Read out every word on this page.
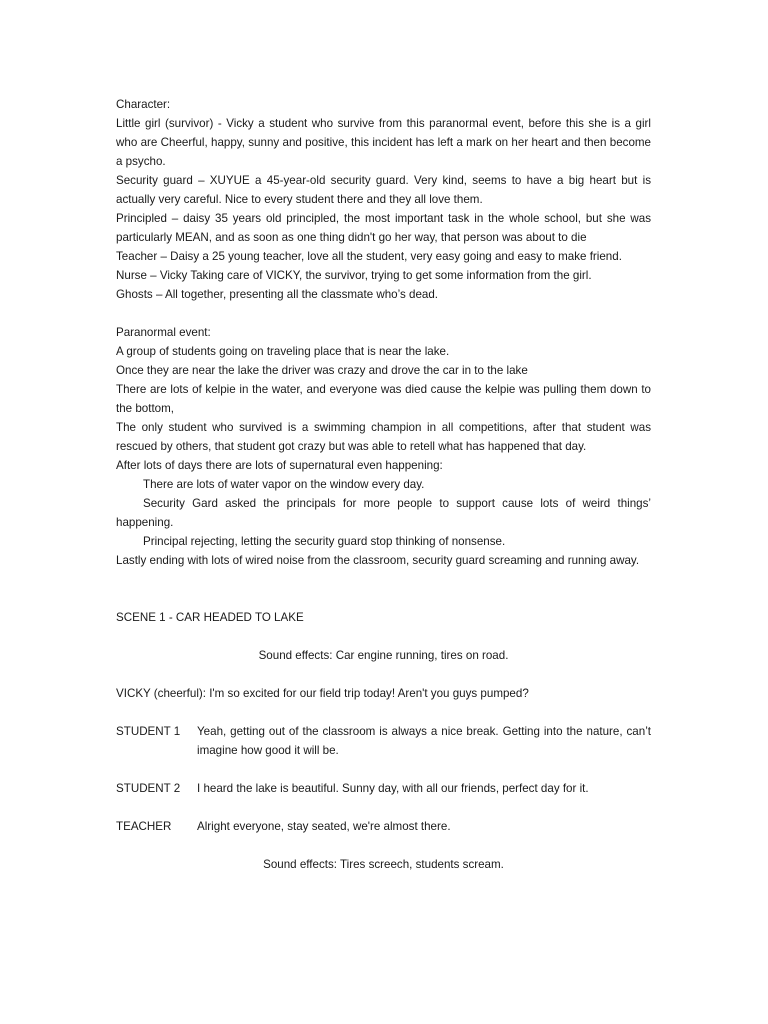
Character:

Little girl (survivor) - Vicky a student who survive from this paranormal event, before this she is a girl who are Cheerful, happy, sunny and positive, this incident has left a mark on her heart and then become a psycho.

Security guard – XUYUE a 45-year-old security guard. Very kind, seems to have a big heart but is actually very careful. Nice to every student there and they all love them.

Principled – daisy 35 years old principled, the most important task in the whole school, but she was particularly MEAN, and as soon as one thing didn't go her way, that person was about to die

Teacher – Daisy a 25 young teacher, love all the student, very easy going and easy to make friend.

Nurse – Vicky Taking care of VICKY, the survivor, trying to get some information from the girl.

Ghosts – All together, presenting all the classmate who’s dead.

Paranormal event:

A group of students going on traveling place that is near the lake.

Once they are near the lake the driver was crazy and drove the car in to the lake

There are lots of kelpie in the water, and everyone was died cause the kelpie was pulling them down to the bottom,

The only student who survived is a swimming champion in all competitions, after that student was rescued by others, that student got crazy but was able to retell what has happened that day.

After lots of days there are lots of supernatural even happening:

There are lots of water vapor on the window every day.

Security Gard asked the principals for more people to support cause lots of weird things’ happening.

Principal rejecting, letting the security guard stop thinking of nonsense.

Lastly ending with lots of wired noise from the classroom, security guard screaming and running away.

SCENE 1 - CAR HEADED TO LAKE

Sound effects: Car engine running, tires on road.

VICKY (cheerful): I'm so excited for our field trip today! Aren't you guys pumped?

STUDENT 1	Yeah, getting out of the classroom is always a nice break. Getting into the nature, can’t imagine how good it will be.
STUDENT 2	I heard the lake is beautiful. Sunny day, with all our friends, perfect day for it.
TEACHER	Alright everyone, stay seated, we're almost there.

Sound effects: Tires screech, students scream.
